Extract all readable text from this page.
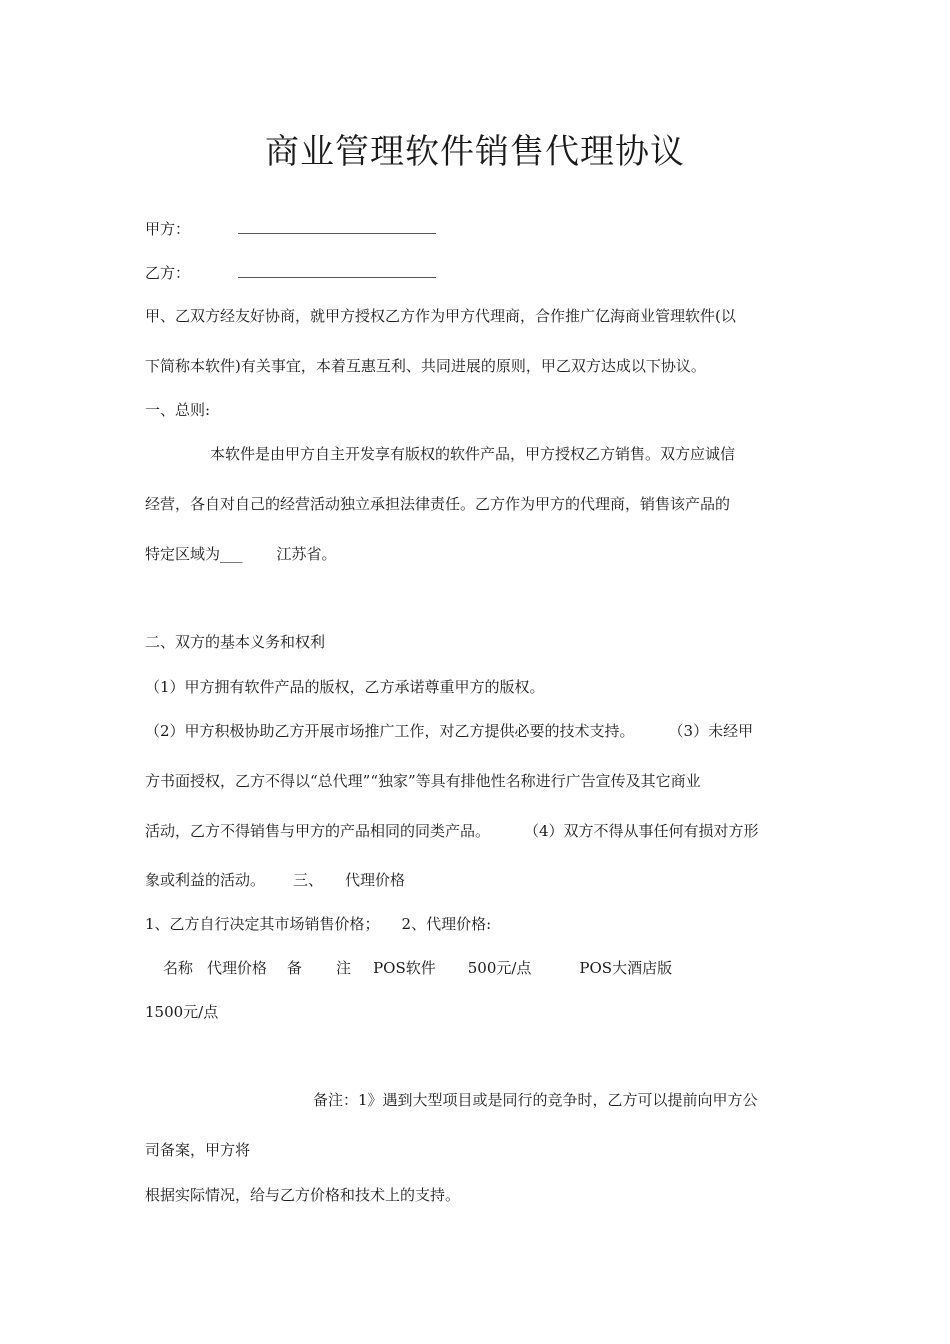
商业管理软件销售代理协议
甲方：
乙方：
甲、乙双方经友好协商，就甲方授权乙方作为甲方代理商，合作推广亿海商业管理软件(以
下简称本软件)有关事宜，本着互惠互利、共同进展的原则，甲乙双方达成以下协议。
一、总则:
本软件是由甲方自主开发享有版权的软件产品，甲方授权乙方销售。双方应诚信
经营，各自对自己的经营活动独立承担法律责任。乙方作为甲方的代理商，销售该产品的
特定区域为___ 江苏省。
二、双方的基本义务和权利
（1）甲方拥有软件产品的版权，乙方承诺尊重甲方的版权。
（2）甲方积极协助乙方开展市场推广工作，对乙方提供必要的技术支持。 （3）未经甲
方书面授权，乙方不得以“总代理”“独家”等具有排他性名称进行广告宣传及其它商业
活动，乙方不得销售与甲方的产品相同的同类产品。 （4）双方不得从事任何有损对方形
象或利益的活动。 三、 代理价格
1、乙方自行决定其市场销售价格； 2、代理价格:
名称 代理价格 备 注 POS软件 500元/点	POS大酒店版
1500元/点
备注：1》遇到大型项目或是同行的竞争时，乙方可以提前向甲方公
司备案，甲方将
根据实际情况，给与乙方价格和技术上的支持。
